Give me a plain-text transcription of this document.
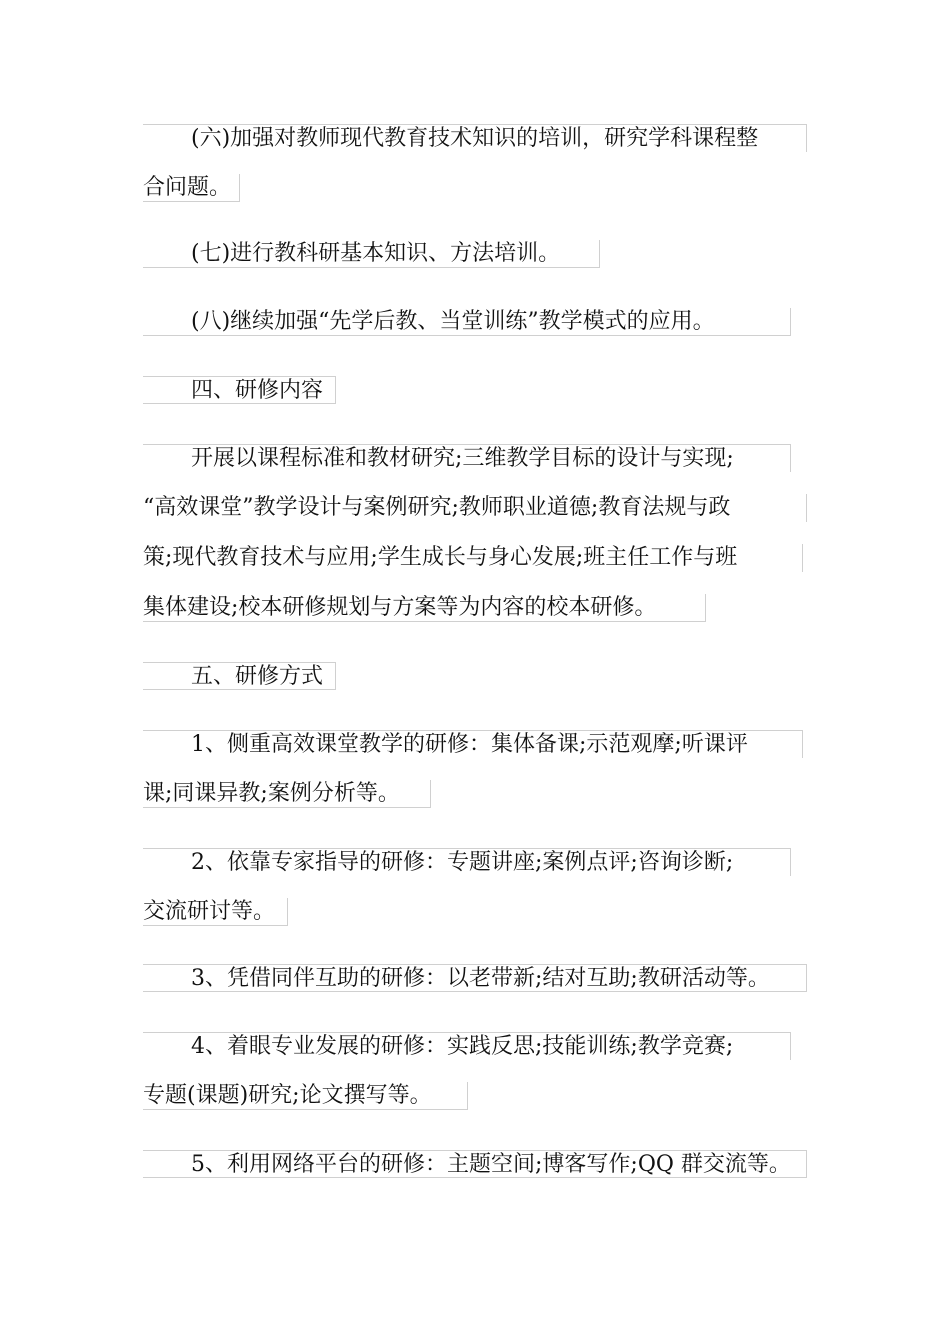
(六)加强对教师现代教育技术知识的培训，研究学科课程整
合问题。
(七)进行教科研基本知识、方法培训。
(八)继续加强“先学后教、当堂训练”教学模式的应用。
四、研修内容
开展以课程标准和教材研究;三维教学目标的设计与实现;
“高效课堂”教学设计与案例研究;教师职业道德;教育法规与政
策;现代教育技术与应用;学生成长与身心发展;班主任工作与班
集体建设;校本研修规划与方案等为内容的校本研修。
五、研修方式
1、侧重高效课堂教学的研修：集体备课;示范观摩;听课评
课;同课异教;案例分析等。
2、依靠专家指导的研修：专题讲座;案例点评;咨询诊断;
交流研讨等。
3、凭借同伴互助的研修：以老带新;结对互助;教研活动等。
4、着眼专业发展的研修：实践反思;技能训练;教学竞赛;
专题(课题)研究;论文撰写等。
5、利用网络平台的研修：主题空间;博客写作;QQ 群交流等。
